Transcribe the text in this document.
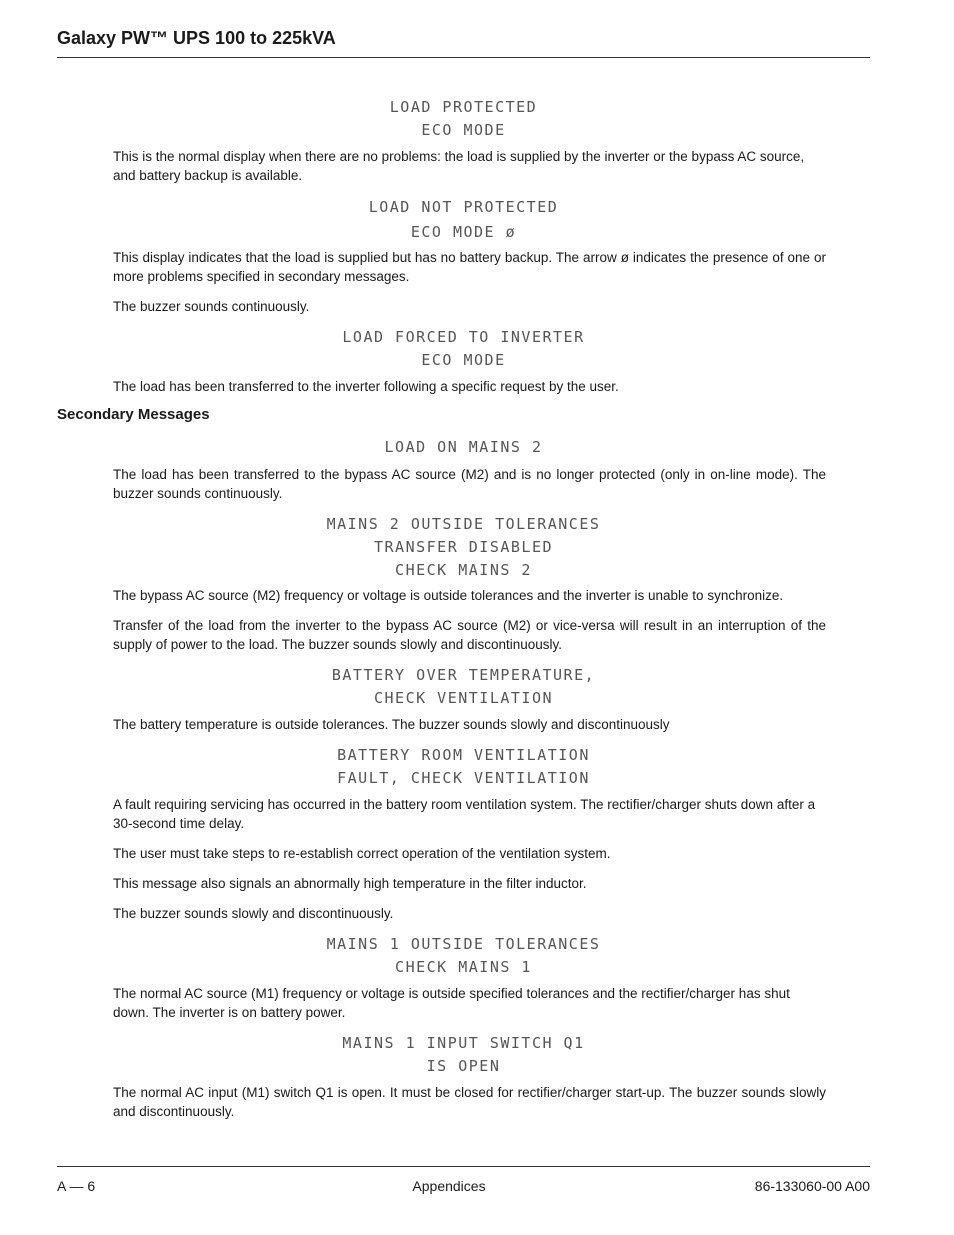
Galaxy PW™ UPS 100 to 225kVA
LOAD PROTECTED
ECO MODE

This is the normal display when there are no problems: the load is supplied by the inverter or the bypass AC source, and battery backup is available.

LOAD NOT PROTECTED
ECO MODE ø

This display indicates that the load is supplied but has no battery backup. The arrow ø indicates the presence of one or more problems specified in secondary messages.

The buzzer sounds continuously.

LOAD FORCED TO INVERTER
ECO MODE

The load has been transferred to the inverter following a specific request by the user.

Secondary Messages
LOAD ON MAINS 2

The load has been transferred to the bypass AC source (M2) and is no longer protected (only in on-line mode). The buzzer sounds continuously.

MAINS 2 OUTSIDE TOLERANCES
TRANSFER DISABLED
CHECK MAINS 2

The bypass AC source (M2) frequency or voltage is outside tolerances and the inverter is unable to synchronize.

Transfer of the load from the inverter to the bypass AC source (M2) or vice-versa will result in an interruption of the supply of power to the load. The buzzer sounds slowly and discontinuously.

BATTERY OVER TEMPERATURE,
CHECK VENTILATION

The battery temperature is outside tolerances. The buzzer sounds slowly and discontinuously

BATTERY ROOM VENTILATION
FAULT, CHECK VENTILATION

A fault requiring servicing has occurred in the battery room ventilation system. The rectifier/charger shuts down after a 30-second time delay.

The user must take steps to re-establish correct operation of the ventilation system.

This message also signals an abnormally high temperature in the filter inductor.

The buzzer sounds slowly and discontinuously.

MAINS 1 OUTSIDE TOLERANCES
CHECK MAINS 1

The normal AC source (M1) frequency or voltage is outside specified tolerances and the rectifier/charger has shut down. The inverter is on battery power.

MAINS 1 INPUT SWITCH Q1
IS OPEN

The normal AC input (M1) switch Q1 is open. It must be closed for rectifier/charger start-up. The buzzer sounds slowly and discontinuously.

A — 6	Appendices	86-133060-00 A00
